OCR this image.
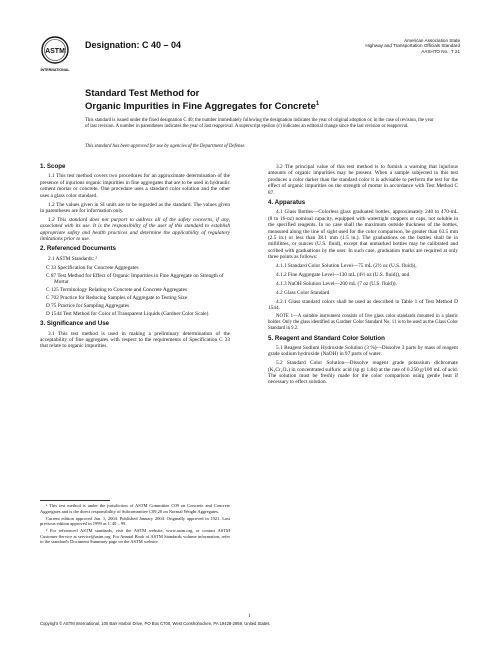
ASTM
INTERNATIONAL
Designation: C 40 – 04	American Association State
Highway and Transportation Officials Standard
AASHTO No.: T 21
Standard Test Method for
Organic Impurities in Fine Aggregates for Concrete$^1$
This standard is issued under the fixed designation C 40; the number immediately following the designation indicates the year of original adoption or, in the case of revision, the year of last revision. A number in parentheses indicates the year of last reapproval. A superscript epsilon (ε) indicates an editorial change since the last revision or reapproval.
This standard has been approved for use by agencies of the Department of Defense.
1. Scope

1.1 This test method covers two procedures for an approximate determination of the presence of injurious organic impurities in fine aggregates that are to be used in hydraulic cement mortar or concrete. One procedure uses a standard color solution and the other uses a glass color standard.

1.2 The values given in SI units are to be regarded as the standard. The values given in parentheses are for information only.

1.3 This standard does not purport to address all of the safety concerns, if any, associated with its use. It is the responsibility of the user of this standard to establish appropriate safety and health practices and determine the applicability of regulatory limitations prior to use.

2. Referenced Documents

2.1 ASTM Standards: ²

C 33 Specification for Concrete Aggregates
C 87 Test Method for Effect of Organic Impurities in Fine Aggregate on Strength of Mortar
C 125 Terminology Relating to Concrete and Concrete Aggregates
C 702 Practice for Reducing Samples of Aggregate to Testing Size
D 75 Practice for Sampling Aggregates
D 1544 Test Method for Color of Transparent Liquids (Gardner Color Scale)
3. Significance and Use

3.1 This test method is used in making a preliminary determination of the acceptability of fine aggregates with respect to the requirements of Specification C 33 that relate to organic impurities.

3.2 The principal value of this test method is to furnish a warning that injurious amounts of organic impurities may be present. When a sample subjected to this test produces a color darker than the standard color it is advisable to perform the test for the effect of organic impurities on the strength of mortar in accordance with Test Method C 87.

4. Apparatus

4.1 Glass Bottles—Colorless glass graduated bottles, approximately 240 to 470-mL (8 to 16-oz) nominal capacity, equipped with watertight stoppers or caps, not soluble in the specified reagents. In no case shall the maximum outside thickness of the bottles, measured along the line of sight used for the color comparison, be greater than 63.5 mm (2.5 in.) or less than 38.1 mm (1.5 in.). The graduations on the bottles shall be in millilitres, or ounces (U.S. fluid), except that unmarked bottles may be calibrated and scribed with graduations by the user. In such case, graduation marks are required at only three points as follows:

4.1.1 Standard Color Solution Level—75 mL (2½ oz (U.S. fluid)),

4.1.2 Fine Aggregate Level—130 mL (4½ oz (U.S. fluid)), and

4.1.3 NaOH Solution Level—200 mL (7 oz (U.S. fluid)).

4.2 Glass Color Standard

4.2.1 Glass standard colors shall be used as described in Table 1 of Test Method D 1544.

NOTE 1—A suitable instrument consists of five glass color standards mounted in a plastic holder. Only the glass identified as Gardner Color Standard No. 11 is to be used as the Glass Color Standard in 9.2.
5. Reagent and Standard Color Solution

5.1 Reagent Sodium Hydroxide Solution (3 %)—Dissolve 3 parts by mass of reagent grade sodium hydroxide (NaOH) in 97 parts of water.

5.2 Standard Color Solution—Dissolve reagent grade potassium dichromate (K₂Cr₂O₇) in concentrated sulfuric acid (sp gr 1.84) at the rate of 0.250 g/100 mL of acid. The solution must be freshly made for the color comparison using gentle heat if necessary to effect solution.

¹ This test method is under the jurisdiction of ASTM Committee C09 on Concrete and Concrete Aggregates and is the direct responsibility of Subcommittee C09.20 on Normal Weight Aggregates.
Current edition approved Jan. 1, 2004. Published January 2004. Originally approved in 1921. Last previous edition approved in 1999 as C 40 – 99.
² For referenced ASTM standards, visit the ASTM website, www.astm.org, or contact ASTM Customer Service at service@astm.org. For Annual Book of ASTM Standards volume information, refer to the standard's Document Summary page on the ASTM website.
1
Copyright © ASTM International, 100 Barr Harbor Drive, PO Box C700, West Conshohocken, PA 19428-2959, United States.
